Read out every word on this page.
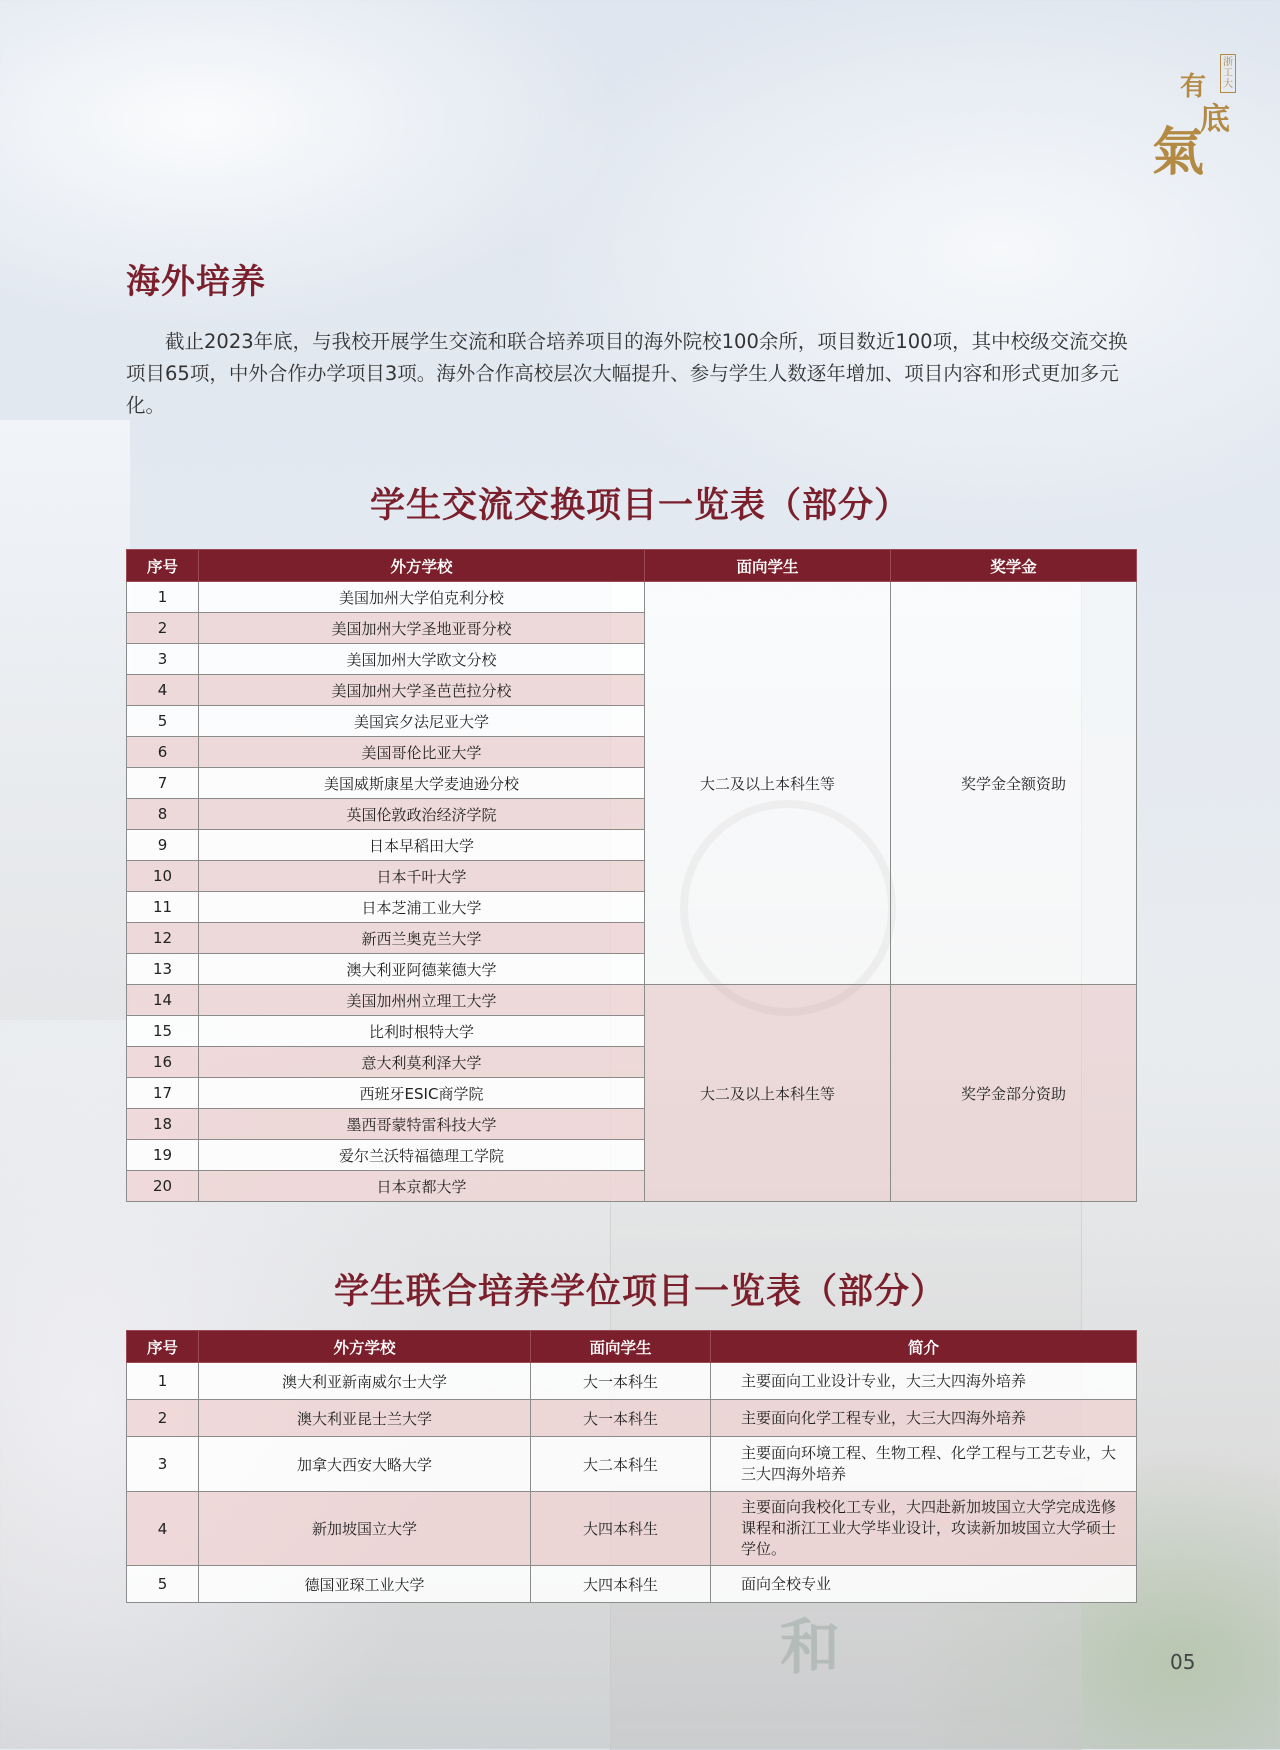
浙工大
有
底
氣
海外培养

截止2023年底，与我校开展学生交流和联合培养项目的海外院校100余所，项目数近100项，其中校级交流交换项目65项，中外合作办学项目3项。海外合作高校层次大幅提升、参与学生人数逐年增加、项目内容和形式更加多元化。

学生交流交换项目一览表（部分）
序号	外方学校	面向学生	奖学金
1	美国加州大学伯克利分校	大二及以上本科生等	奖学金全额资助
2	美国加州大学圣地亚哥分校		
3	美国加州大学欧文分校		
4	美国加州大学圣芭芭拉分校		
5	美国宾夕法尼亚大学		
6	美国哥伦比亚大学		
7	美国威斯康星大学麦迪逊分校		
8	英国伦敦政治经济学院		
9	日本早稻田大学		
10	日本千叶大学		
11	日本芝浦工业大学		
12	新西兰奥克兰大学		
13	澳大利亚阿德莱德大学		
14	美国加州州立理工大学	大二及以上本科生等	奖学金部分资助
15	比利时根特大学		
16	意大利莫利泽大学		
17	西班牙ESIC商学院		
18	墨西哥蒙特雷科技大学		
19	爱尔兰沃特福德理工学院		
20	日本京都大学		
学生联合培养学位项目一览表（部分）
序号	外方学校	面向学生	简介
1	澳大利亚新南威尔士大学	大一本科生	主要面向工业设计专业，大三大四海外培养
2	澳大利亚昆士兰大学	大一本科生	主要面向化学工程专业，大三大四海外培养
3	加拿大西安大略大学	大二本科生	主要面向环境工程、生物工程、化学工程与工艺专业，大三大四海外培养
4	新加坡国立大学	大四本科生	主要面向我校化工专业，大四赴新加坡国立大学完成选修课程和浙江工业大学毕业设计，攻读新加坡国立大学硕士学位。
5	德国亚琛工业大学	大四本科生	面向全校专业
和	05
